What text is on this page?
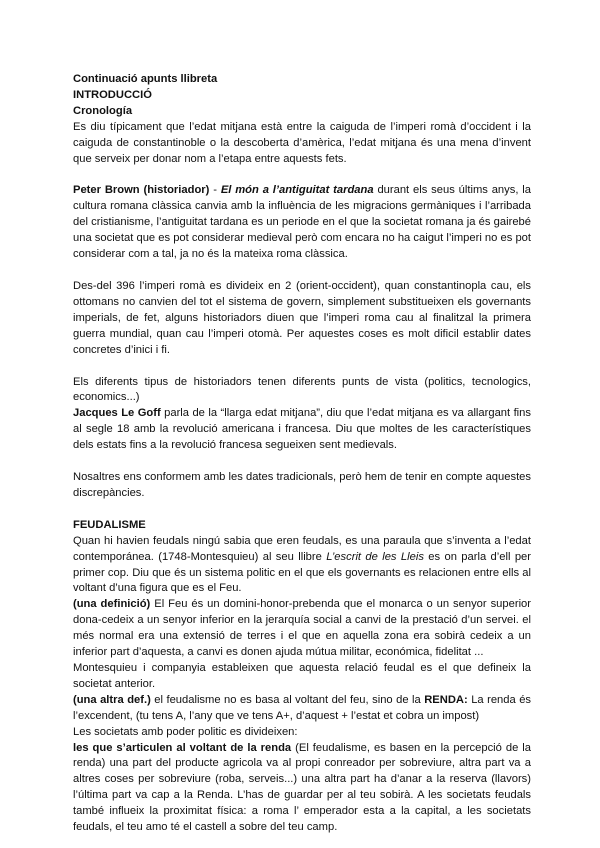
Continuació apunts llibreta

INTRODUCCIÓ

Cronología

Es diu típicament que l’edat mitjana està entre la caiguda de l’imperi romà d’occident i la caiguda de constantinoble o la descoberta d’amèrica, l’edat mitjana és una mena d’invent que serveix per donar nom a l’etapa entre aquests fets.

Peter Brown (historiador) - El món a l’antiguitat tardana durant els seus últims anys, la cultura romana clàssica canvia amb la influència de les migracions germàniques i l’arribada del cristianisme, l’antiguitat tardana es un periode en el que la societat romana ja és gairebé una societat que es pot considerar medieval però com encara no ha caigut l’imperi no es pot considerar com a tal, ja no és la mateixa roma clàssica.

Des-del 396 l’imperi romà es divideix en 2 (orient-occident), quan constantinopla cau, els ottomans no canvien del tot el sistema de govern, simplement substitueixen els governants imperials, de fet, alguns historiadors diuen que l’imperi roma cau al finalitzal la primera guerra mundial, quan cau l’imperi otomà. Per aquestes coses es molt dificil establir dates concretes d’inici i fi.

Els diferents tipus de historiadors tenen diferents punts de vista (politics, tecnologics, economics...)

Jacques Le Goff parla de la “llarga edat mitjana”, diu que l’edat mitjana es va allargant fins al segle 18 amb la revolució americana i francesa. Diu que moltes de les característiques dels estats fins a la revolució francesa segueixen sent medievals.

Nosaltres ens conformem amb les dates tradicionals, però hem de tenir en compte aquestes discrepàncies.

FEUDALISME

Quan hi havien feudals ningú sabia que eren feudals, es una paraula que s’inventa a l’edat contemporánea. (1748-Montesquieu) al seu llibre L’escrit de les Lleis es on parla d’ell per primer cop. Diu que és un sistema politic en el que els governants es relacionen entre ells al voltant d’una figura que es el Feu.

(una definició) El Feu és un domini-honor-prebenda que el monarca o un senyor superior dona-cedeix a un senyor inferior en la jerarquía social a canvi de la prestació d’un servei. el més normal era una extensió de terres i el que en aquella zona era sobirà cedeix a un inferior part d’aquesta, a canvi es donen ajuda mútua militar, económica, fidelitat ...

Montesquieu i companyia estableixen que aquesta relació feudal es el que defineix la societat anterior.

(una altra def.) el feudalisme no es basa al voltant del feu, sino de la RENDA: La renda és l’excendent, (tu tens A, l’any que ve tens A+, d’aquest + l’estat et cobra un impost)

Les societats amb poder politic es divideixen:

les que s’articulen al voltant de la renda (El feudalisme, es basen en la percepció de la renda) una part del producte agricola va al propi conreador per sobreviure, altra part va a altres coses per sobreviure (roba, serveis...) una altra part ha d’anar a la reserva (llavors) l’última part va cap a la Renda. L’has de guardar per al teu sobirà. A les societats feudals també influeix la proximitat física: a roma l’ emperador esta a la capital, a les societats feudals, el teu amo té el castell a sobre del teu camp.
